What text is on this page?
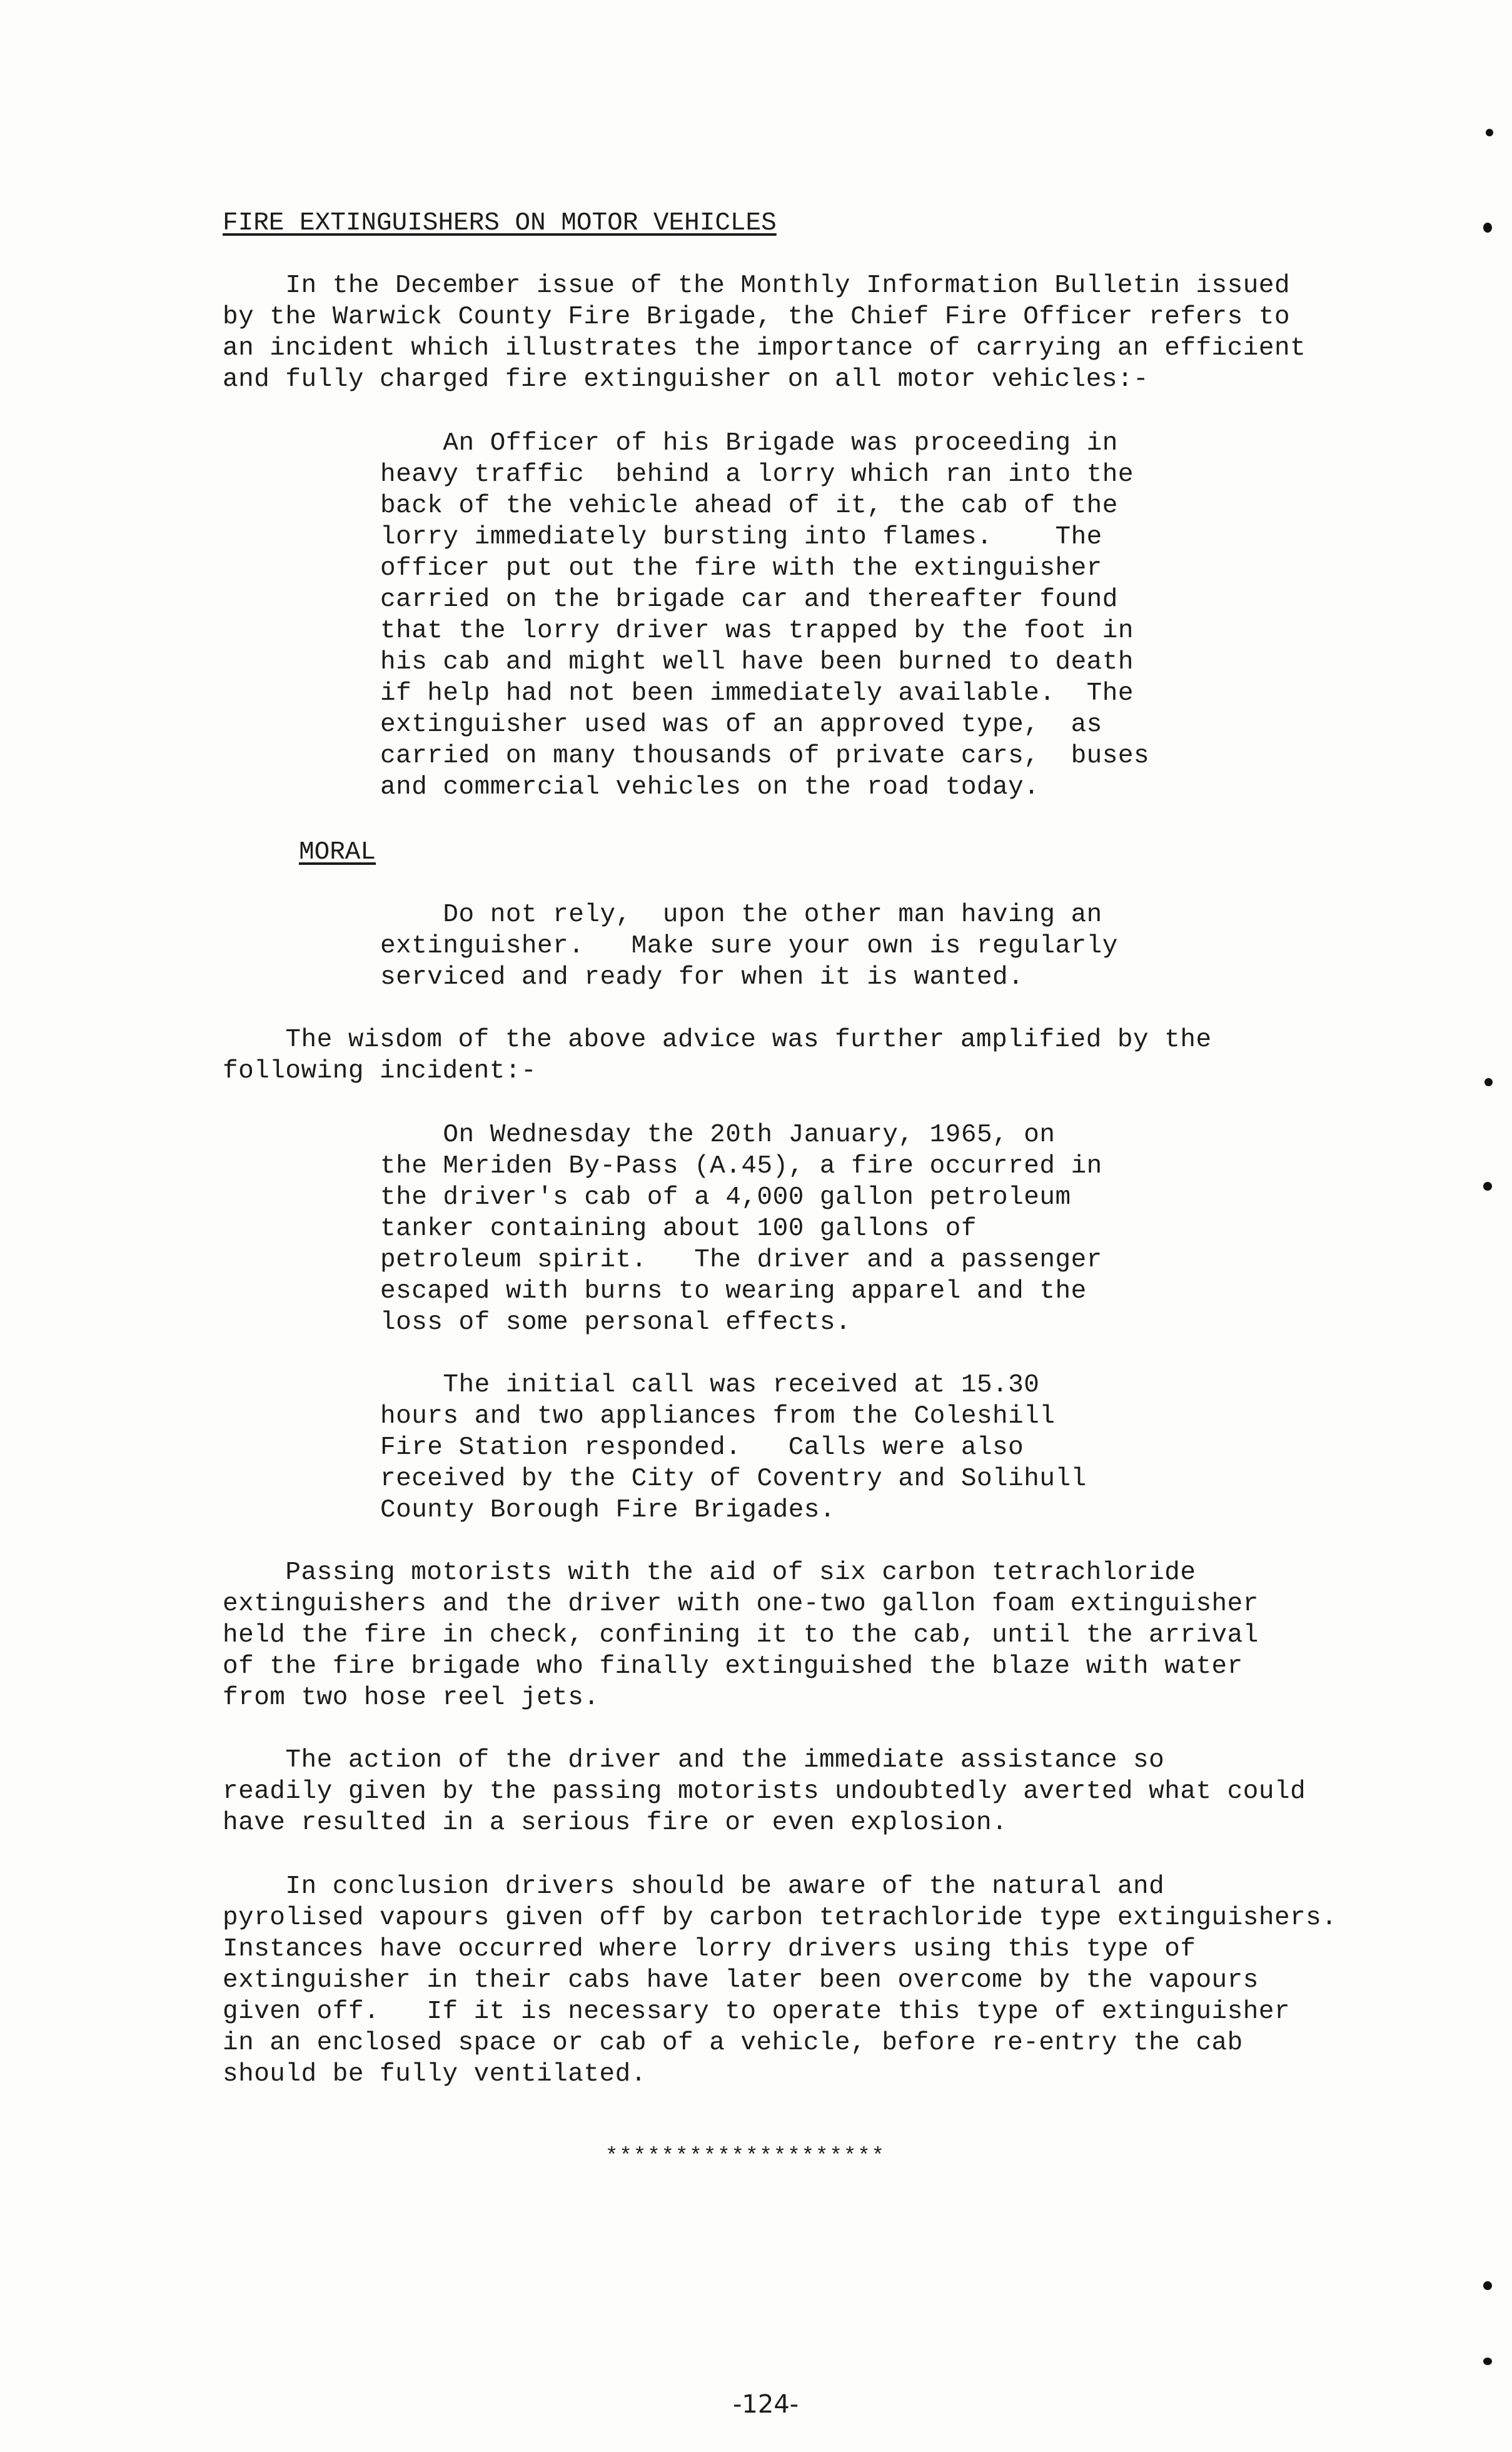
FIRE EXTINGUISHERS ON MOTOR VEHICLES
In the December issue of the Monthly Information Bulletin issued
by the Warwick County Fire Brigade, the Chief Fire Officer refers to
an incident which illustrates the importance of carrying an efficient
and fully charged fire extinguisher on all motor vehicles:-
An Officer of his Brigade was proceeding in
heavy traffic  behind a lorry which ran into the
back of the vehicle ahead of it, the cab of the
lorry immediately bursting into flames.    The
officer put out the fire with the extinguisher
carried on the brigade car and thereafter found
that the lorry driver was trapped by the foot in
his cab and might well have been burned to death
if help had not been immediately available.  The
extinguisher used was of an approved type,  as
carried on many thousands of private cars,  buses
and commercial vehicles on the road today.
MORAL
Do not rely,  upon the other man having an
extinguisher.   Make sure your own is regularly
serviced and ready for when it is wanted.
The wisdom of the above advice was further amplified by the
following incident:-
On Wednesday the 20th January, 1965, on
the Meriden By-Pass (A.45), a fire occurred in
the driver's cab of a 4,000 gallon petroleum
tanker containing about 100 gallons of
petroleum spirit.   The driver and a passenger
escaped with burns to wearing apparel and the
loss of some personal effects.
The initial call was received at 15.30
hours and two appliances from the Coleshill
Fire Station responded.   Calls were also
received by the City of Coventry and Solihull
County Borough Fire Brigades.
Passing motorists with the aid of six carbon tetrachloride
extinguishers and the driver with one-two gallon foam extinguisher
held the fire in check, confining it to the cab, until the arrival
of the fire brigade who finally extinguished the blaze with water
from two hose reel jets.
The action of the driver and the immediate assistance so
readily given by the passing motorists undoubtedly averted what could
have resulted in a serious fire or even explosion.
In conclusion drivers should be aware of the natural and
pyrolised vapours given off by carbon tetrachloride type extinguishers.
Instances have occurred where lorry drivers using this type of
extinguisher in their cabs have later been overcome by the vapours
given off.   If it is necessary to operate this type of extinguisher
in an enclosed space or cab of a vehicle, before re-entry the cab
should be fully ventilated.
********************
-124-
